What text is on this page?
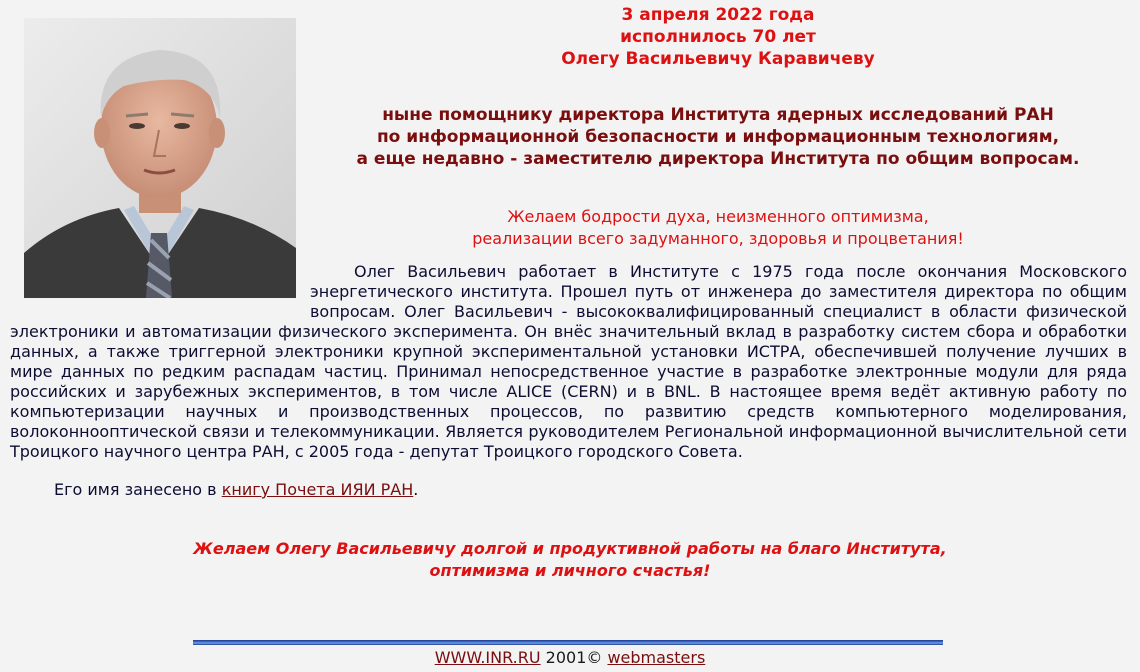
3 апреля 2022 года
исполнилось 70 лет
Олегу Васильевичу Каравичеву
ныне помощнику директора Института ядерных исследований РАН
по информационной безопасности и информационным технологиям,
а еще недавно - заместителю директора Института по общим вопросам.
Желаем бодрости духа, неизменного оптимизма,
реализации всего задуманного, здоровья и процветания!

Олег Васильевич работает в Институте с 1975 года после окончания Московского энергетического института. Прошел путь от инженера до заместителя директора по общим вопросам. Олег Васильевич - высококвалифицированный специалист в области физической электроники и автоматизации физического эксперимента. Он внёс значительный вклад в разработку систем сбора и обработки данных, а также триггерной электроники крупной экспериментальной установки ИСТРА, обеспечившей получение лучших в мире данных по редким распадам частиц. Принимал непосредственное участие в разработке электронные модули для ряда российских и зарубежных экспериментов, в том числе ALICE (CERN) и в BNL. В настоящее время ведёт активную работу по компьютеризации научных и производственных процессов, по развитию средств компьютерного моделирования, волоконнооптической связи и телекоммуникации. Является руководителем Региональной информационной вычислительной сети Троицкого научного центра РАН, с 2005 года - депутат Троицкого городского Совета.

Его имя занесено в книгу Почета ИЯИ РАН.
Желаем Олегу Васильевичу долгой и продуктивной работы на благо Института,
оптимизма и личного счастья!
WWW.INR.RU 2001© webmasters
